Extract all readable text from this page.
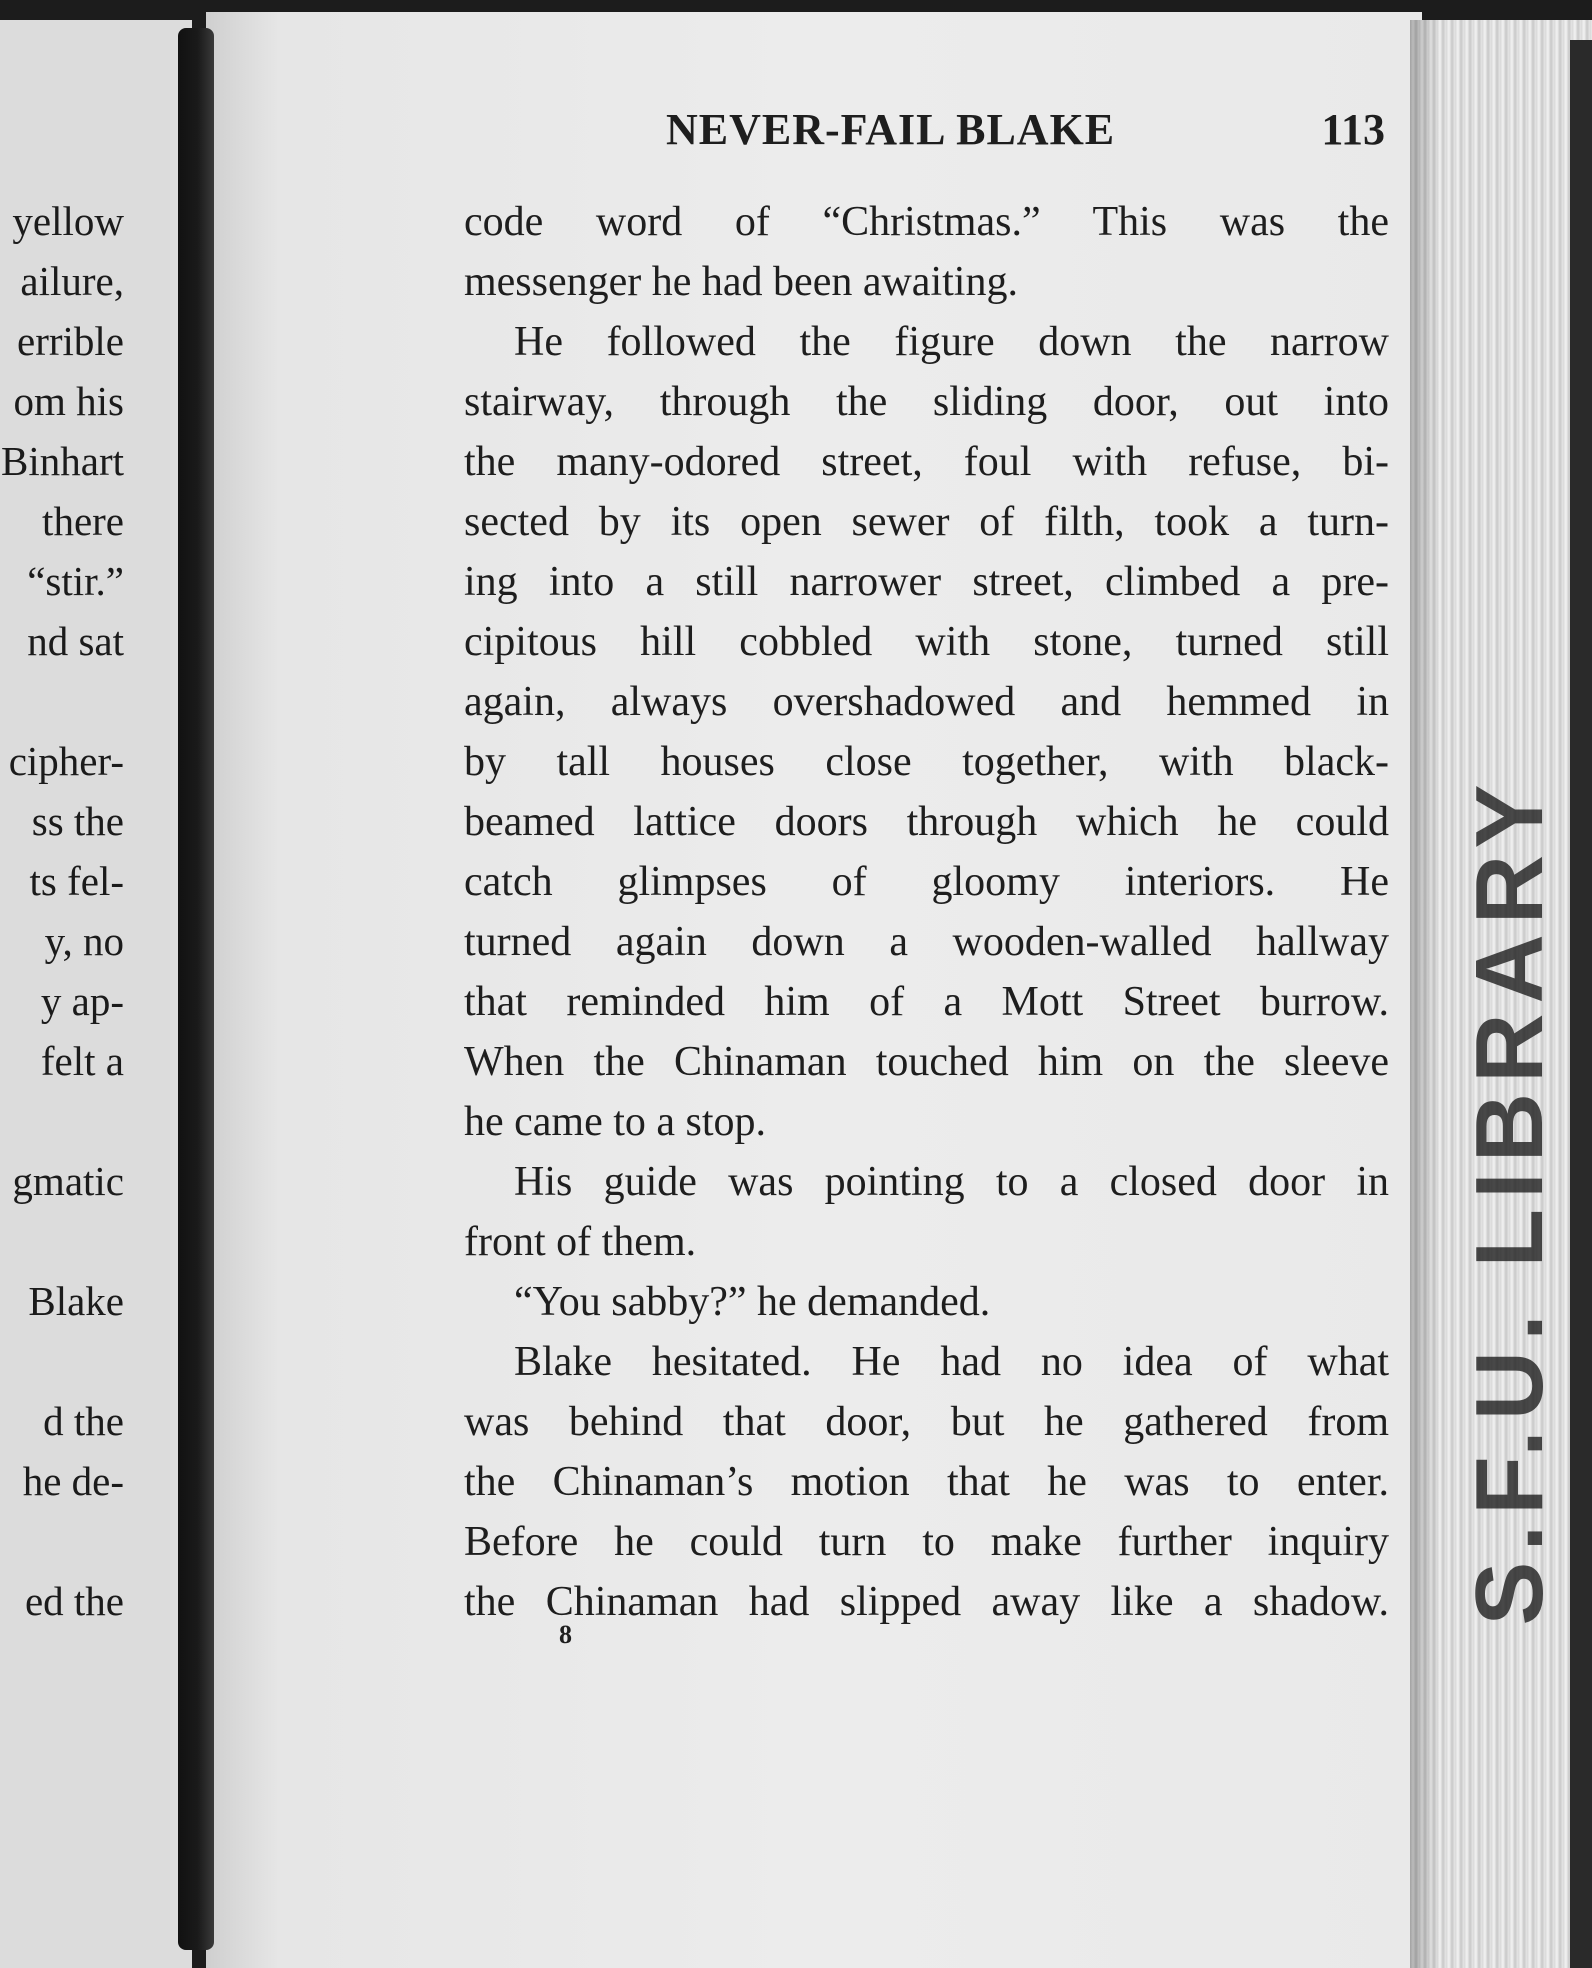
yellow
ailure,
errible
om his
Binhart
there
“stir.”
nd sat
cipher-
ss the
ts fel-
y, no
y ap-
felt a
gmatic
Blake
d the
he de-
ed the
NEVER-FAIL BLAKE	113
code word of “Christmas.” This was the
messenger he had been awaiting.
He followed the figure down the narrow
stairway, through the sliding door, out into
the many-odored street, foul with refuse, bi-
sected by its open sewer of filth, took a turn-
ing into a still narrower street, climbed a pre-
cipitous hill cobbled with stone, turned still
again, always overshadowed and hemmed in
by tall houses close together, with black-
beamed lattice doors through which he could
catch glimpses of gloomy interiors. He
turned again down a wooden-walled hallway
that reminded him of a Mott Street burrow.
When the Chinaman touched him on the sleeve
he came to a stop.
His guide was pointing to a closed door in
front of them.
“You sabby?” he demanded.
Blake hesitated. He had no idea of what
was behind that door, but he gathered from
the Chinaman’s motion that he was to enter.
Before he could turn to make further inquiry
the Chinaman had slipped away like a shadow.
8
S.F.U. LIBRARY
